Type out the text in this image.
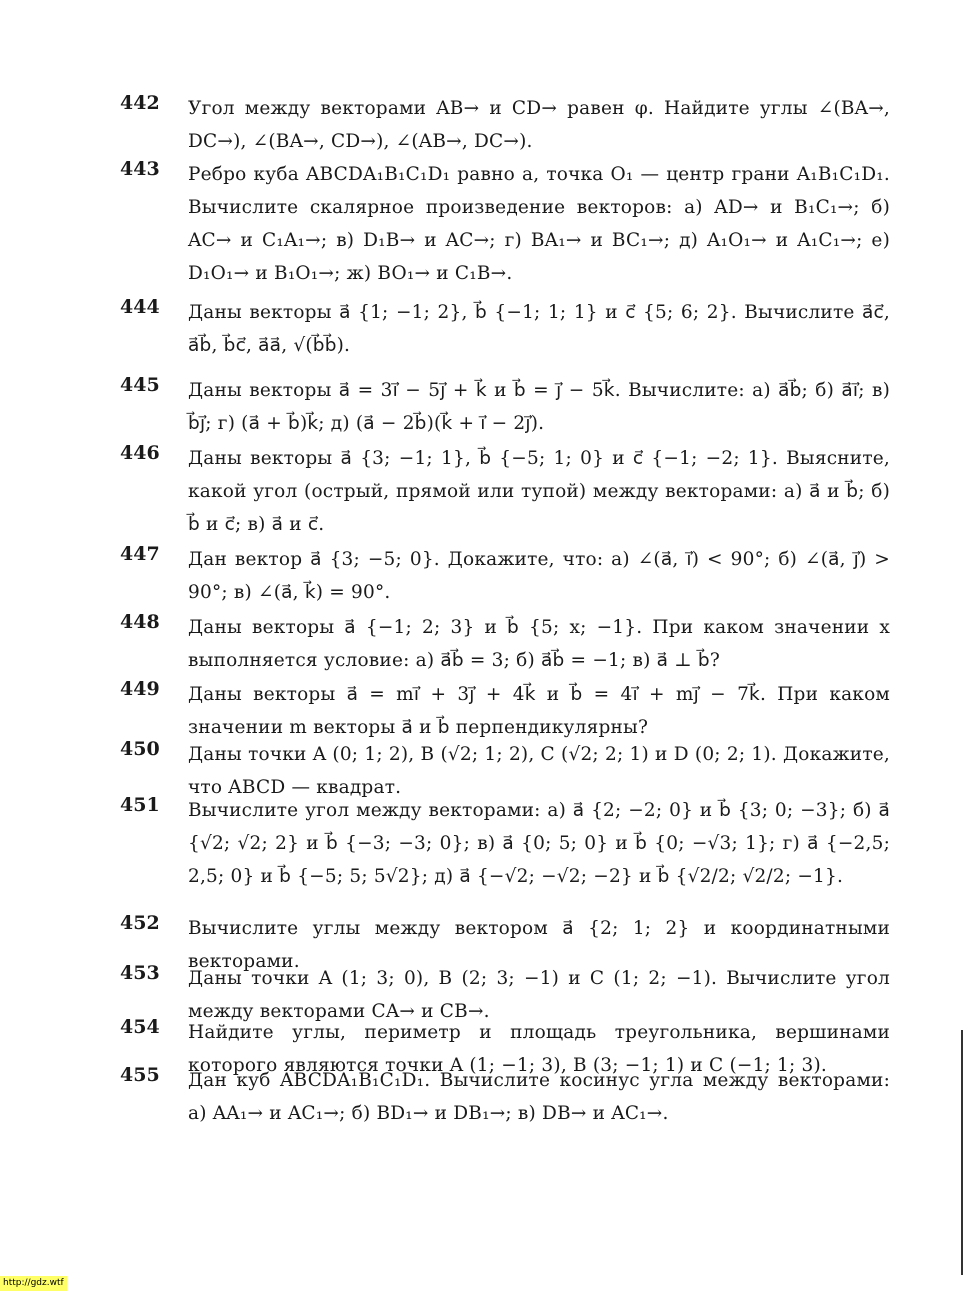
442	Угол между векторами AB→ и CD→ равен φ. Найдите углы ∠(BA→, DC→), ∠(BA→, CD→), ∠(AB→, DC→).
443	Ребро куба ABCDA₁B₁C₁D₁ равно a, точка O₁ — центр грани A₁B₁C₁D₁. Вычислите скалярное произведение векторов: а) AD→ и B₁C₁→; б) AC→ и C₁A₁→; в) D₁B→ и AC→; г) BA₁→ и BC₁→; д) A₁O₁→ и A₁C₁→; е) D₁O₁→ и B₁O₁→; ж) BO₁→ и C₁B→.
444	Даны векторы a⃗ {1; −1; 2}, b⃗ {−1; 1; 1} и c⃗ {5; 6; 2}. Вычислите a⃗c⃗, a⃗b⃗, b⃗c⃗, a⃗a⃗, √(b⃗b⃗).
445	Даны векторы a⃗ = 3i⃗ − 5j⃗ + k⃗ и b⃗ = j⃗ − 5k⃗. Вычислите: а) a⃗b⃗; б) a⃗i⃗; в) b⃗j⃗; г) (a⃗ + b⃗)k⃗; д) (a⃗ − 2b⃗)(k⃗ + i⃗ − 2j⃗).
446	Даны векторы a⃗ {3; −1; 1}, b⃗ {−5; 1; 0} и c⃗ {−1; −2; 1}. Выясните, какой угол (острый, прямой или тупой) между векторами: а) a⃗ и b⃗; б) b⃗ и c⃗; в) a⃗ и c⃗.
447	Дан вектор a⃗ {3; −5; 0}. Докажите, что: а) ∠(a⃗, i⃗) < 90°; б) ∠(a⃗, j⃗) > 90°; в) ∠(a⃗, k⃗) = 90°.
448	Даны векторы a⃗ {−1; 2; 3} и b⃗ {5; x; −1}. При каком значении x выполняется условие: а) a⃗b⃗ = 3; б) a⃗b⃗ = −1; в) a⃗ ⊥ b⃗?
449	Даны векторы a⃗ = mi⃗ + 3j⃗ + 4k⃗ и b⃗ = 4i⃗ + mj⃗ − 7k⃗. При каком значении m векторы a⃗ и b⃗ перпендикулярны?
450	Даны точки A (0; 1; 2), B (√2; 1; 2), C (√2; 2; 1) и D (0; 2; 1). Докажите, что ABCD — квадрат.
451	Вычислите угол между векторами: а) a⃗ {2; −2; 0} и b⃗ {3; 0; −3}; б) a⃗ {√2; √2; 2} и b⃗ {−3; −3; 0}; в) a⃗ {0; 5; 0} и b⃗ {0; −√3; 1}; г) a⃗ {−2,5; 2,5; 0} и b⃗ {−5; 5; 5√2}; д) a⃗ {−√2; −√2; −2} и b⃗ {√2/2; √2/2; −1}.
452	Вычислите углы между вектором a⃗ {2; 1; 2} и координатными векторами.
453	Даны точки A (1; 3; 0), B (2; 3; −1) и C (1; 2; −1). Вычислите угол между векторами CA→ и CB→.
454	Найдите углы, периметр и площадь треугольника, вершинами которого являются точки A (1; −1; 3), B (3; −1; 1) и C (−1; 1; 3).
455	Дан куб ABCDA₁B₁C₁D₁. Вычислите косинус угла между векторами: а) AA₁→ и AC₁→; б) BD₁→ и DB₁→; в) DB→ и AC₁→.
http://gdz.wtf
